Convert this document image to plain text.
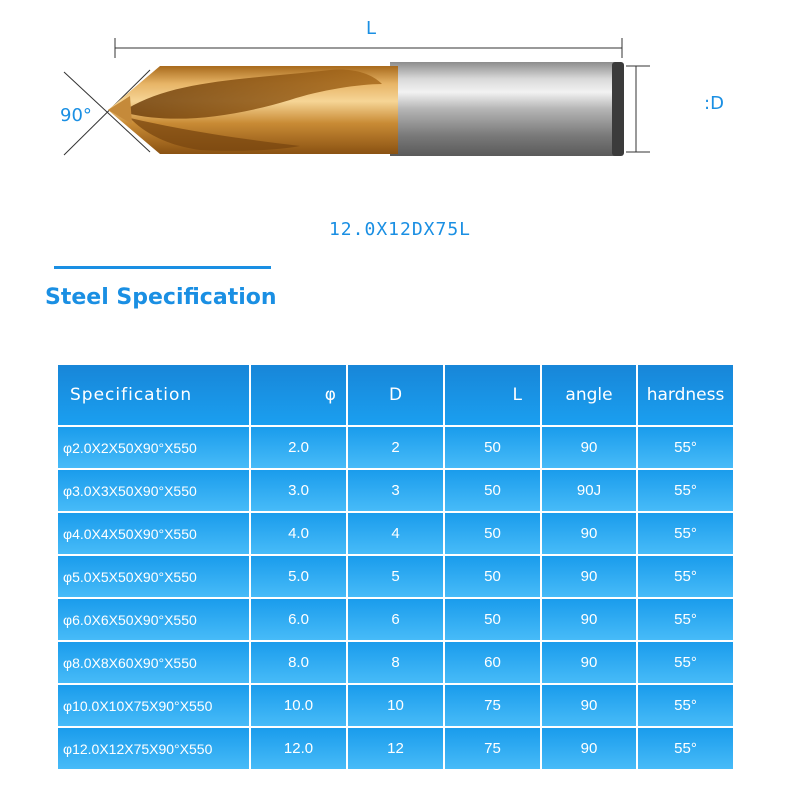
L
90°
:D
12.0X12DX75L
Steel Specification
Specification	φ	D	L	angle	hardness
φ2.0X2X50X90°X550	2.0	2	50	90	55°
φ3.0X3X50X90°X550	3.0	3	50	90J	55°
φ4.0X4X50X90°X550	4.0	4	50	90	55°
φ5.0X5X50X90°X550	5.0	5	50	90	55°
φ6.0X6X50X90°X550	6.0	6	50	90	55°
φ8.0X8X60X90°X550	8.0	8	60	90	55°
φ10.0X10X75X90°X550	10.0	10	75	90	55°
φ12.0X12X75X90°X550	12.0	12	75	90	55°
